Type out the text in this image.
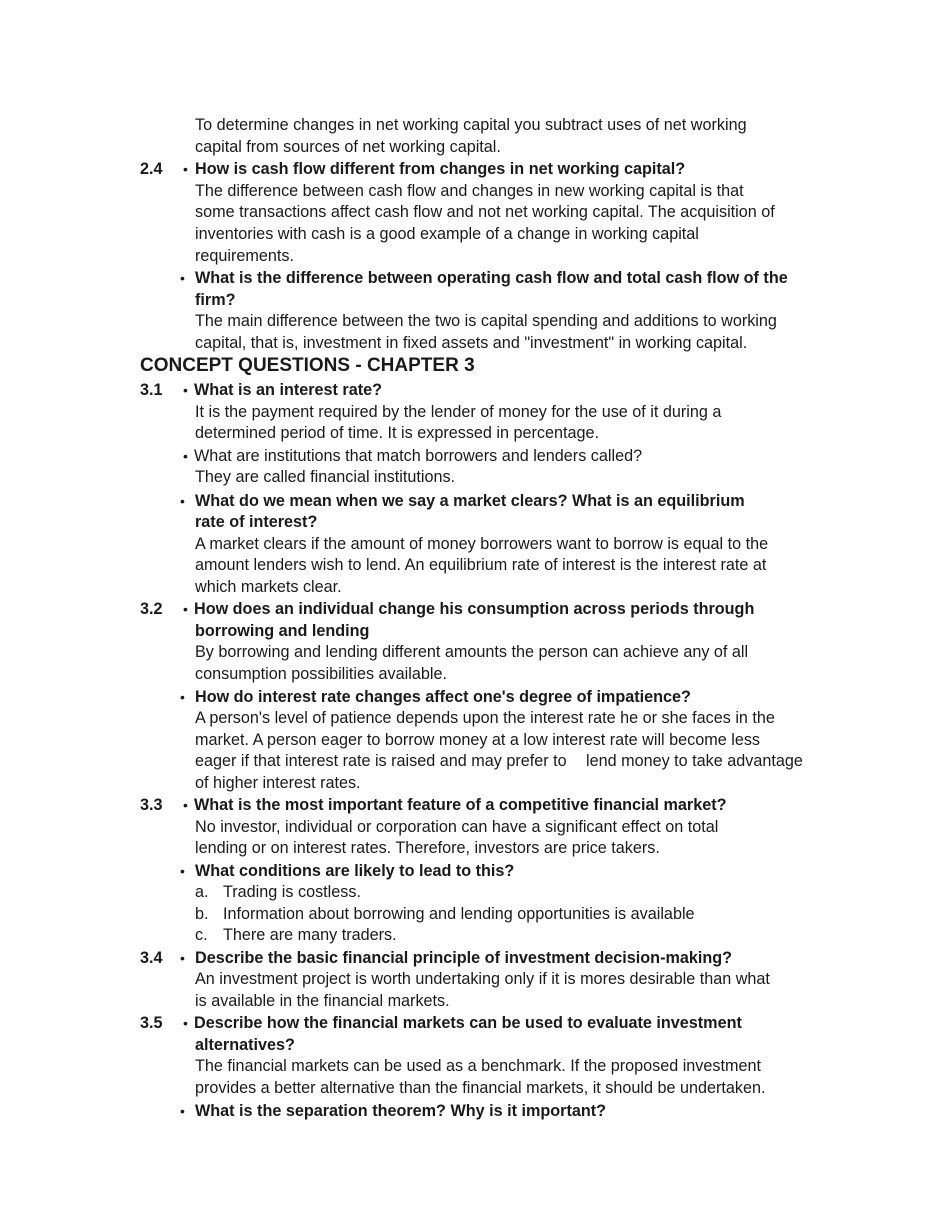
To determine changes in net working capital you subtract uses of net working
capital from sources of net working capital.
2.4 • How is cash flow different from changes in net working capital?
The difference between cash flow and changes in new working capital is that
some transactions affect cash flow and not net working capital. The acquisition of
inventories with cash is a good example of a change in working capital
requirements.
• What is the difference between operating cash flow and total cash flow of the
firm?
The main difference between the two is capital spending and additions to working
capital, that is, investment in fixed assets and "investment" in working capital.
CONCEPT QUESTIONS - CHAPTER 3
3.1 • What is an interest rate?
It is the payment required by the lender of money for the use of it during a
determined period of time. It is expressed in percentage.
• What are institutions that match borrowers and lenders called?
They are called financial institutions.
• What do we mean when we say a market clears? What is an equilibrium
rate of interest?
A market clears if the amount of money borrowers want to borrow is equal to the
amount lenders wish to lend. An equilibrium rate of interest is the interest rate at
which markets clear.
3.2 • How does an individual change his consumption across periods through
borrowing and lending
By borrowing and lending different amounts the person can achieve any of all
consumption possibilities available.
• How do interest rate changes affect one's degree of impatience?
A person's level of patience depends upon the interest rate he or she faces in the
market. A person eager to borrow money at a low interest rate will become less
eager if that interest rate is raised and may prefer to lend money to take advantage
of higher interest rates.
3.3 • What is the most important feature of a competitive financial market?
No investor, individual or corporation can have a significant effect on total
lending or on interest rates. Therefore, investors are price takers.
• What conditions are likely to lead to this?
a. Trading is costless.
b. Information about borrowing and lending opportunities is available
c. There are many traders.
3.4 • Describe the basic financial principle of investment decision-making?
An investment project is worth undertaking only if it is mores desirable than what
is available in the financial markets.
3.5 • Describe how the financial markets can be used to evaluate investment
alternatives?
The financial markets can be used as a benchmark. If the proposed investment
provides a better alternative than the financial markets, it should be undertaken.
• What is the separation theorem? Why is it important?
